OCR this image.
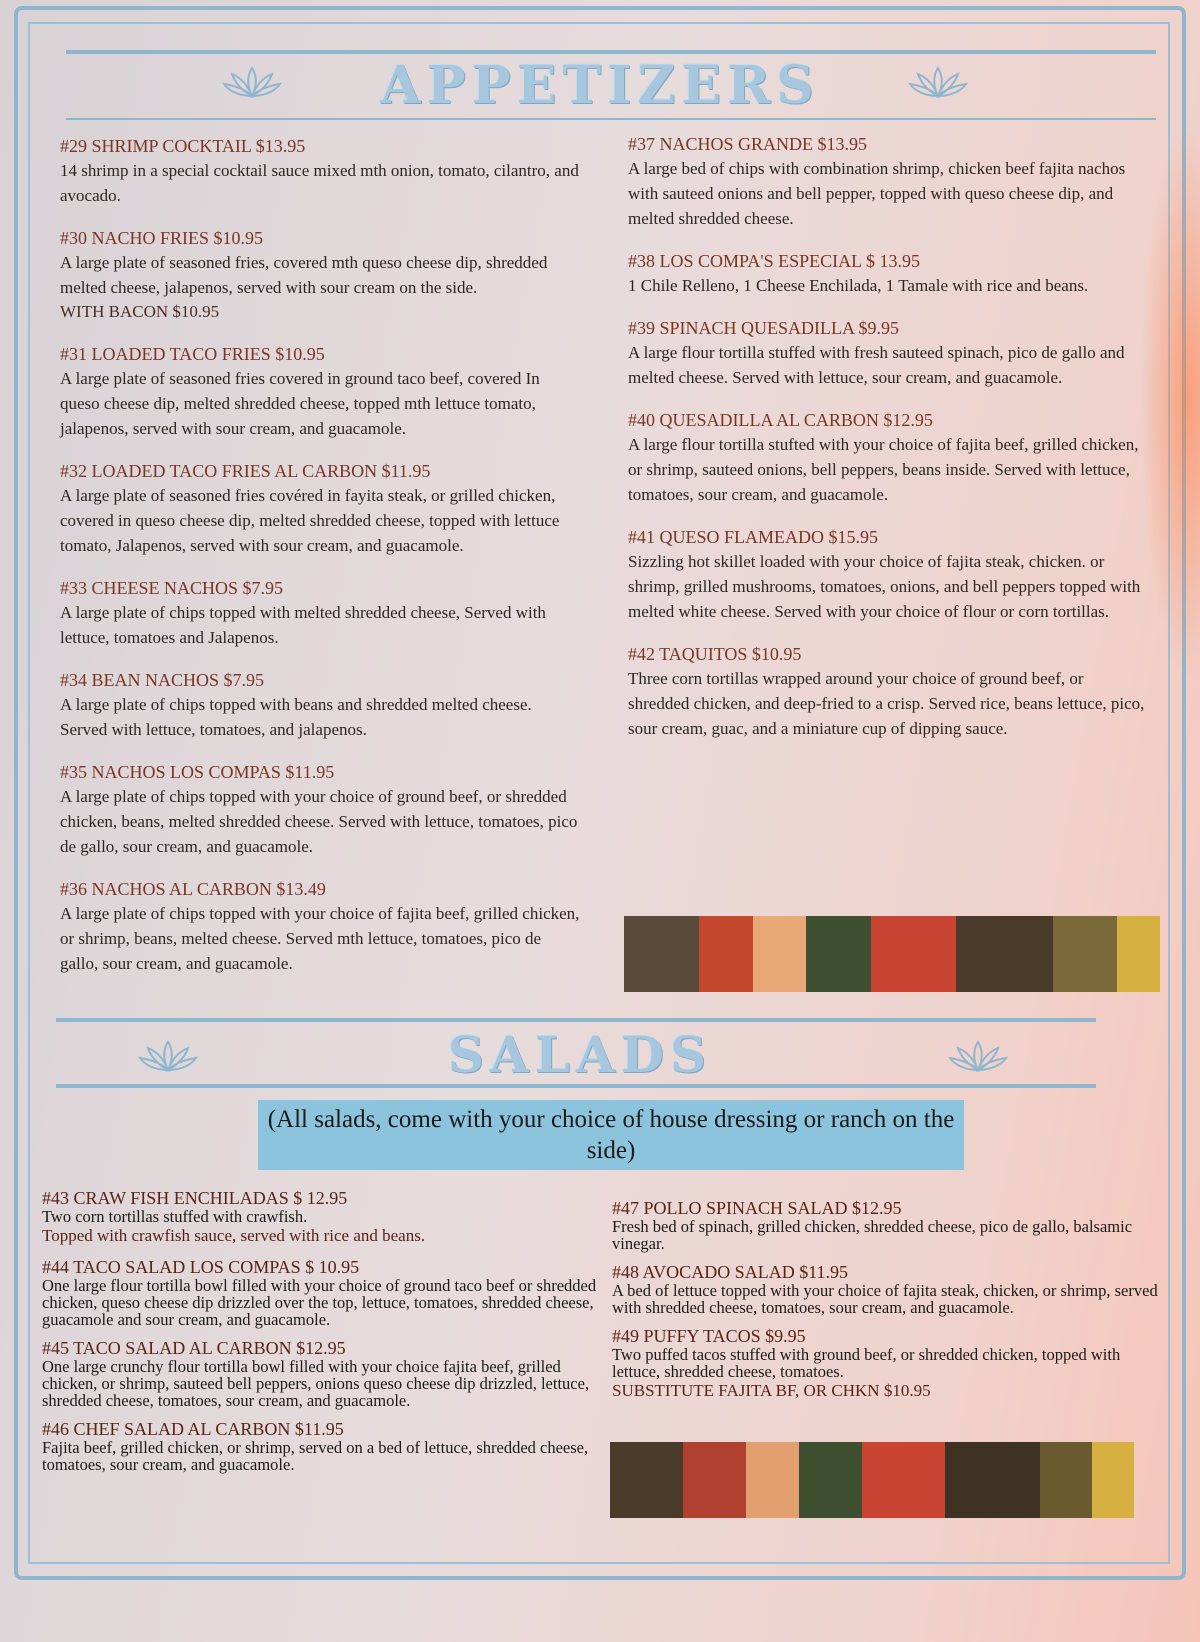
APPETIZERS
#29 SHRIMP COCKTAIL $13.95
14 shrimp in a special cocktail sauce mixed mth onion, tomato, cilantro, and avocado.
#30 NACHO FRIES $10.95
A large plate of seasoned fries, covered mth queso cheese dip, shredded melted cheese, jalapenos, served with sour cream on the side.
WITH BACON $10.95
#31 LOADED TACO FRIES $10.95
A large plate of seasoned fries covered in ground taco beef, covered In queso cheese dip, melted shredded cheese, topped mth lettuce tomato, jalapenos, served with sour cream, and guacamole.
#32 LOADED TACO FRIES AL CARBON $11.95
A large plate of seasoned fries covéred in fayita steak, or grilled chicken, covered in queso cheese dip, melted shredded cheese, topped with lettuce tomato, Jalapenos, served with sour cream, and guacamole.
#33 CHEESE NACHOS $7.95
A large plate of chips topped with melted shredded cheese, Served with lettuce, tomatoes and Jalapenos.
#34 BEAN NACHOS $7.95
A large plate of chips topped with beans and shredded melted cheese. Served with lettuce, tomatoes, and jalapenos.
#35 NACHOS LOS COMPAS $11.95
A large plate of chips topped with your choice of ground beef, or shredded chicken, beans, melted shredded cheese. Served with lettuce, tomatoes, pico de gallo, sour cream, and guacamole.
#36 NACHOS AL CARBON $13.49
A large plate of chips topped with your choice of fajita beef, grilled chicken, or shrimp, beans, melted cheese. Served mth lettuce, tomatoes, pico de gallo, sour cream, and guacamole.
#37 NACHOS GRANDE $13.95
A large bed of chips with combination shrimp, chicken beef fajita nachos with sauteed onions and bell pepper, topped with queso cheese dip, and melted shredded cheese.
#38 LOS COMPA'S ESPECIAL $ 13.95
1 Chile Relleno, 1 Cheese Enchilada, 1 Tamale with rice and beans.
#39 SPINACH QUESADILLA $9.95
A large flour tortilla stuffed with fresh sauteed spinach, pico de gallo and melted cheese. Served with lettuce, sour cream, and guacamole.
#40 QUESADILLA AL CARBON $12.95
A large flour tortilla stufted with your choice of fajita beef, grilled chicken, or shrimp, sauteed onions, bell peppers, beans inside. Served with lettuce, tomatoes, sour cream, and guacamole.
#41 QUESO FLAMEADO $15.95
Sizzling hot skillet loaded with your choice of fajita steak, chicken. or shrimp, grilled mushrooms, tomatoes, onions, and bell peppers topped with melted white cheese. Served with your choice of flour or corn tortillas.
#42 TAQUITOS $10.95
Three corn tortillas wrapped around your choice of ground beef, or shredded chicken, and deep-fried to a crisp. Served rice, beans lettuce, pico, sour cream, guac, and a miniature cup of dipping sauce.
SALADS
(All salads, come with your choice of house dressing or ranch on the side)
#43 CRAW FISH ENCHILADAS $ 12.95
Two corn tortillas stuffed with crawfish.
Topped with crawfish sauce, served with rice and beans.
#44 TACO SALAD LOS COMPAS $ 10.95
One large flour tortilla bowl filled with your choice of ground taco beef or shredded chicken, queso cheese dip drizzled over the top, lettuce, tomatoes, shredded cheese, guacamole and sour cream, and guacamole.
#45 TACO SALAD AL CARBON $12.95
One large crunchy flour tortilla bowl filled with your choice fajita beef, grilled chicken, or shrimp, sauteed bell peppers, onions queso cheese dip drizzled, lettuce, shredded cheese, tomatoes, sour cream, and guacamole.
#46 CHEF SALAD AL CARBON $11.95
Fajita beef, grilled chicken, or shrimp, served on a bed of lettuce, shredded cheese, tomatoes, sour cream, and guacamole.
#47 POLLO SPINACH SALAD $12.95
Fresh bed of spinach, grilled chicken, shredded cheese, pico de gallo, balsamic vinegar.
#48 AVOCADO SALAD $11.95
A bed of lettuce topped with your choice of fajita steak, chicken, or shrimp, served with shredded cheese, tomatoes, sour cream, and guacamole.
#49 PUFFY TACOS $9.95
Two puffed tacos stuffed with ground beef, or shredded chicken, topped with lettuce, shredded cheese, tomatoes.
SUBSTITUTE FAJITA BF, OR CHKN $10.95
